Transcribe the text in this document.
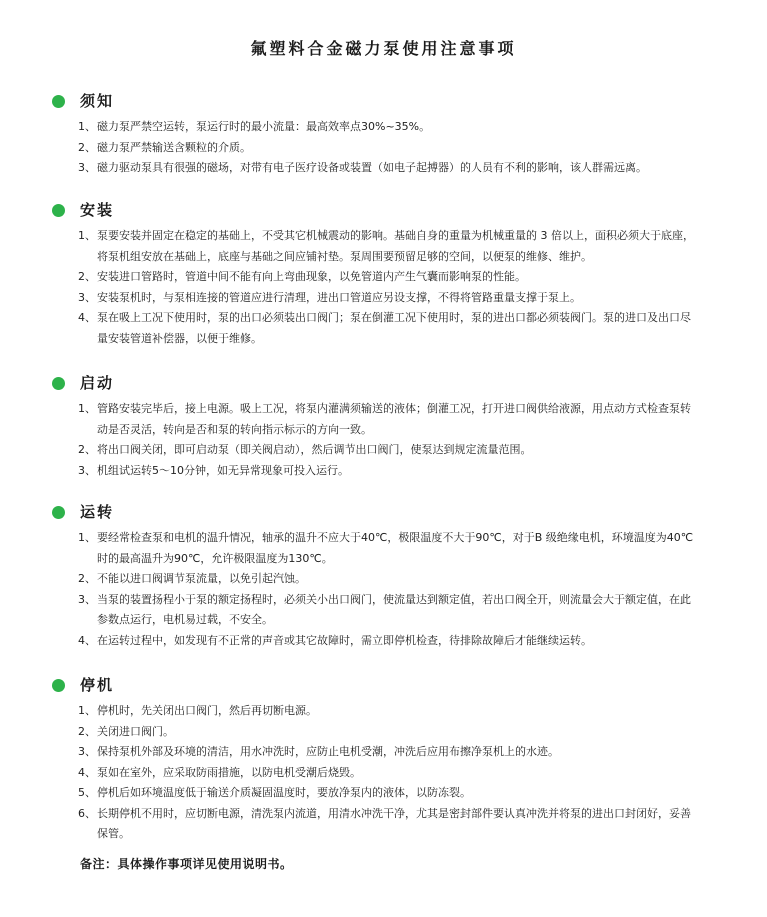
氟塑料合金磁力泵使用注意事项
须知
1、 磁力泵严禁空运转，泵运行时的最小流量：最高效率点30%~35%。
2、 磁力泵严禁输送含颗粒的介质。
3、 磁力驱动泵具有很强的磁场，对带有电子医疗设备或装置（如电子起搏器）的人员有不利的影响，该人群需远离。
安装
1、 泵要安装并固定在稳定的基础上，不受其它机械震动的影响。基础自身的重量为机械重量的 3 倍以上，面积必须大于底座，将泵机组安放在基础上，底座与基础之间应铺衬垫。泵周围要预留足够的空间，以便泵的维修、维护。
2、 安装进口管路时，管道中间不能有向上弯曲现象，以免管道内产生气囊而影响泵的性能。
3、 安装泵机时，与泵相连接的管道应进行清理，进出口管道应另设支撑，不得将管路重量支撑于泵上。
4、 泵在吸上工况下使用时，泵的出口必须装出口阀门；泵在倒灌工况下使用时，泵的进出口都必须装阀门。泵的进口及出口尽量安装管道补偿器，以便于维修。
启动
1、 管路安装完毕后，接上电源。吸上工况，将泵内灌满须输送的液体；倒灌工况，打开进口阀供给液源，用点动方式检查泵转动是否灵活，转向是否和泵的转向指示标示的方向一致。
2、 将出口阀关闭，即可启动泵（即关阀启动），然后调节出口阀门，使泵达到规定流量范围。
3、 机组试运转5～10分钟，如无异常现象可投入运行。
运转
1、 要经常检查泵和电机的温升情况，轴承的温升不应大于40℃，极限温度不大于90℃，对于B 级绝缘电机，环境温度为40℃时的最高温升为90℃，允许极限温度为130℃。
2、 不能以进口阀调节泵流量，以免引起汽蚀。
3、 当泵的装置扬程小于泵的额定扬程时，必须关小出口阀门，使流量达到额定值，若出口阀全开，则流量会大于额定值，在此参数点运行，电机易过载，不安全。
4、 在运转过程中，如发现有不正常的声音或其它故障时，需立即停机检查，待排除故障后才能继续运转。
停机
1、 停机时，先关闭出口阀门，然后再切断电源。
2、 关闭进口阀门。
3、 保持泵机外部及环境的清洁，用水冲洗时，应防止电机受潮，冲洗后应用布擦净泵机上的水迹。
4、 泵如在室外，应采取防雨措施，以防电机受潮后烧毁。
5、 停机后如环境温度低于输送介质凝固温度时，要放净泵内的液体，以防冻裂。
6、 长期停机不用时，应切断电源，清洗泵内流道，用清水冲洗干净，尤其是密封部件要认真冲洗并将泵的进出口封闭好，妥善保管。
备注：具体操作事项详见使用说明书。
